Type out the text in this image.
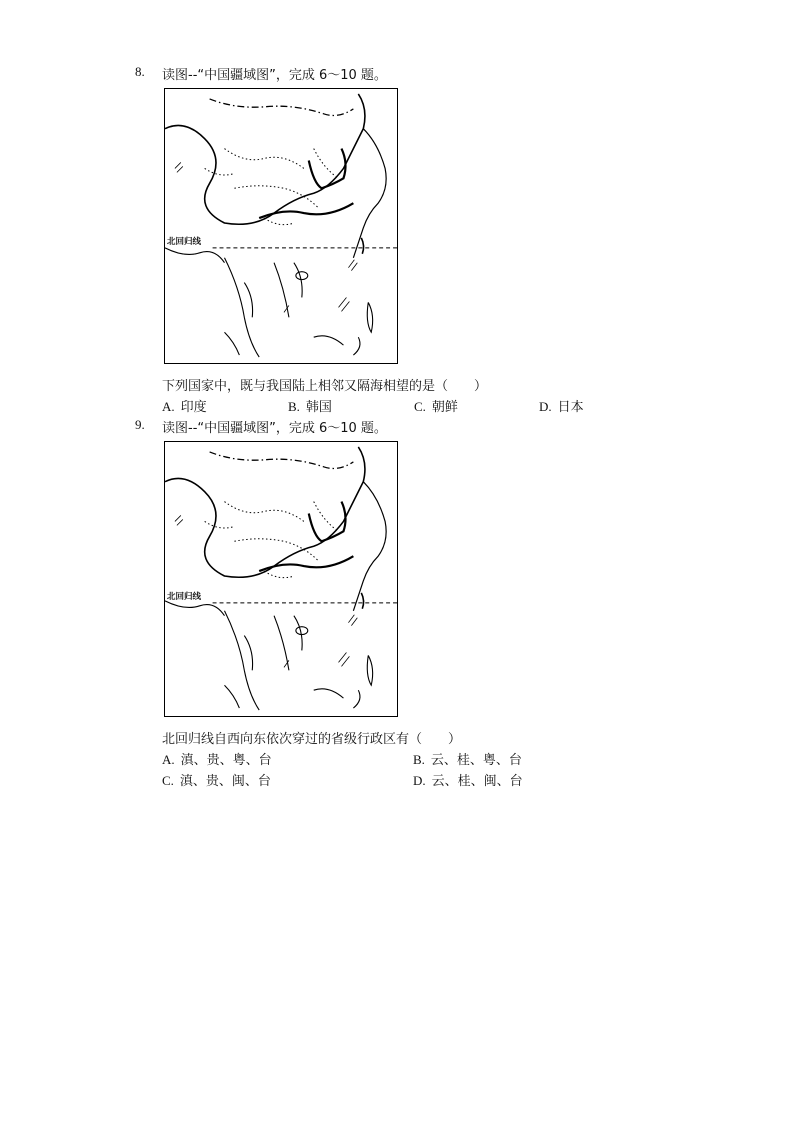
8. 读图--“中国疆域图”，完成 6～10 题。
北回归线
下列国家中，既与我国陆上相邻又隔海相望的是（　　）
A. 印度	B. 韩国	C. 朝鲜	D. 日本
9. 读图--“中国疆域图”，完成 6～10 题。
北回归线
北回归线自西向东依次穿过的省级行政区有（　　）
A. 滇、贵、粤、台	B. 云、桂、粤、台
C. 滇、贵、闽、台	D. 云、桂、闽、台
